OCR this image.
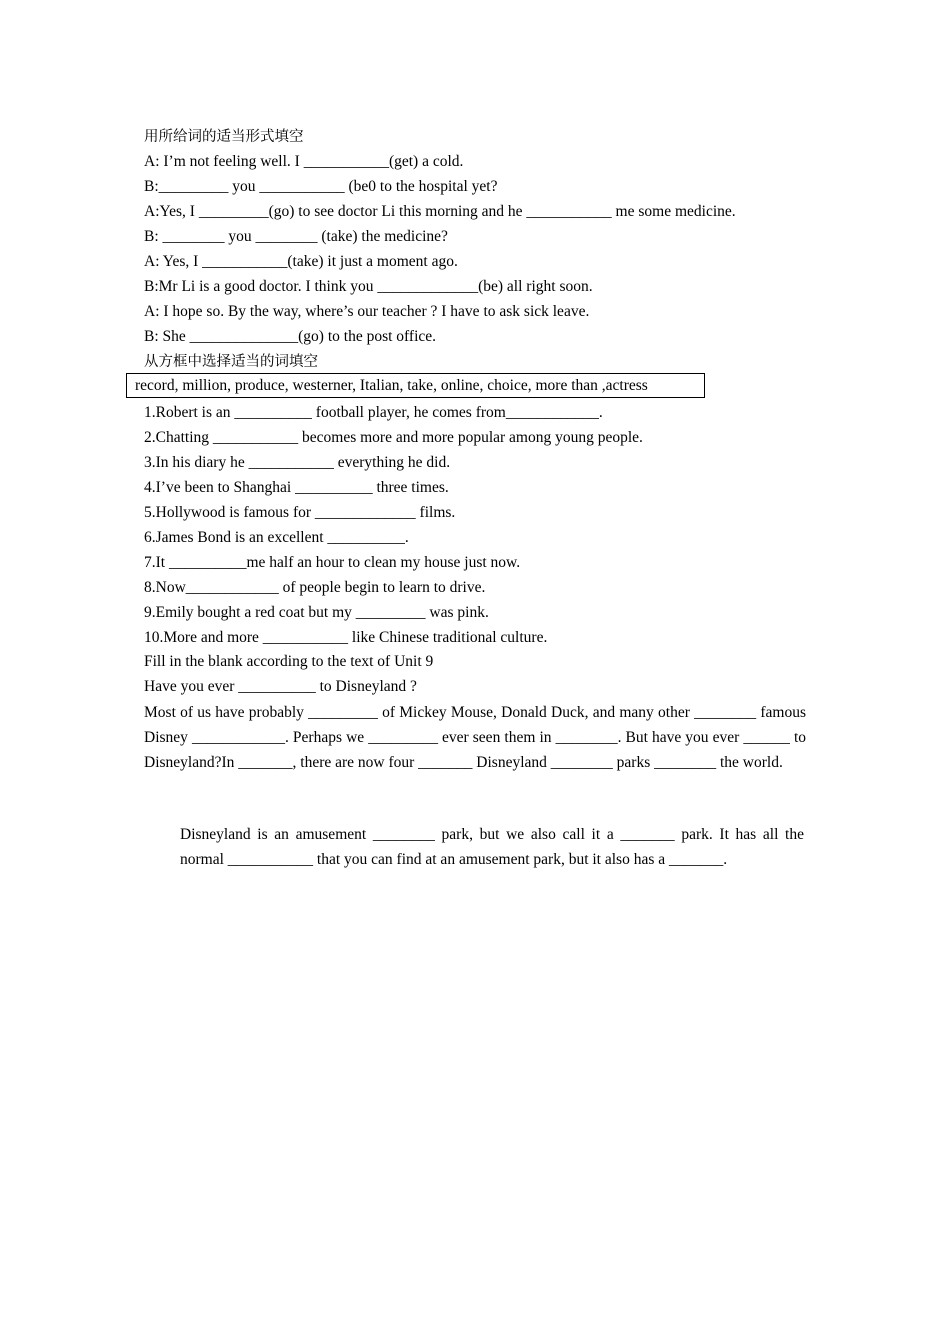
用所给词的适当形式填空
A: I’m not feeling well. I ___________(get) a cold.
B:_________ you ___________ (be0 to the hospital yet?
A:Yes, I _________(go) to see doctor Li this morning and he ___________ me some medicine.
B: ________ you ________ (take) the medicine?
A: Yes, I ___________(take) it just a moment ago.
B:Mr Li is a good doctor. I think you _____________(be) all right soon.
A: I hope so. By the way, where’s our teacher ? I have to ask sick leave.
B: She ______________(go) to the post office.
从方框中选择适当的词填空
record, million, produce, westerner, Italian, take, online, choice, more than ,actress
1.Robert is an __________ football player, he comes from____________.
2.Chatting ___________ becomes more and more popular among young people.
3.In his diary he ___________ everything he did.
4.I’ve been to Shanghai __________ three times.
5.Hollywood is famous for _____________ films.
6.James Bond is an excellent __________.
7.It __________me half an hour to clean my house just now.
8.Now____________ of people begin to learn to drive.
9.Emily bought a red coat but my _________ was pink.
10.More and more ___________ like Chinese traditional culture.
Fill in the blank according to the text of Unit 9
Have you ever __________ to Disneyland ?
Most of us have probably _________ of Mickey Mouse, Donald Duck, and many other ________ famous Disney ____________. Perhaps we _________ ever seen them in ________. But have you ever ______ to Disneyland?In _______, there are now four _______ Disneyland ________ parks ________ the world.
Disneyland is an amusement ________ park, but we also call it a _______ park. It has all the normal ___________ that you can find at an amusement park, but it also has a _______.
